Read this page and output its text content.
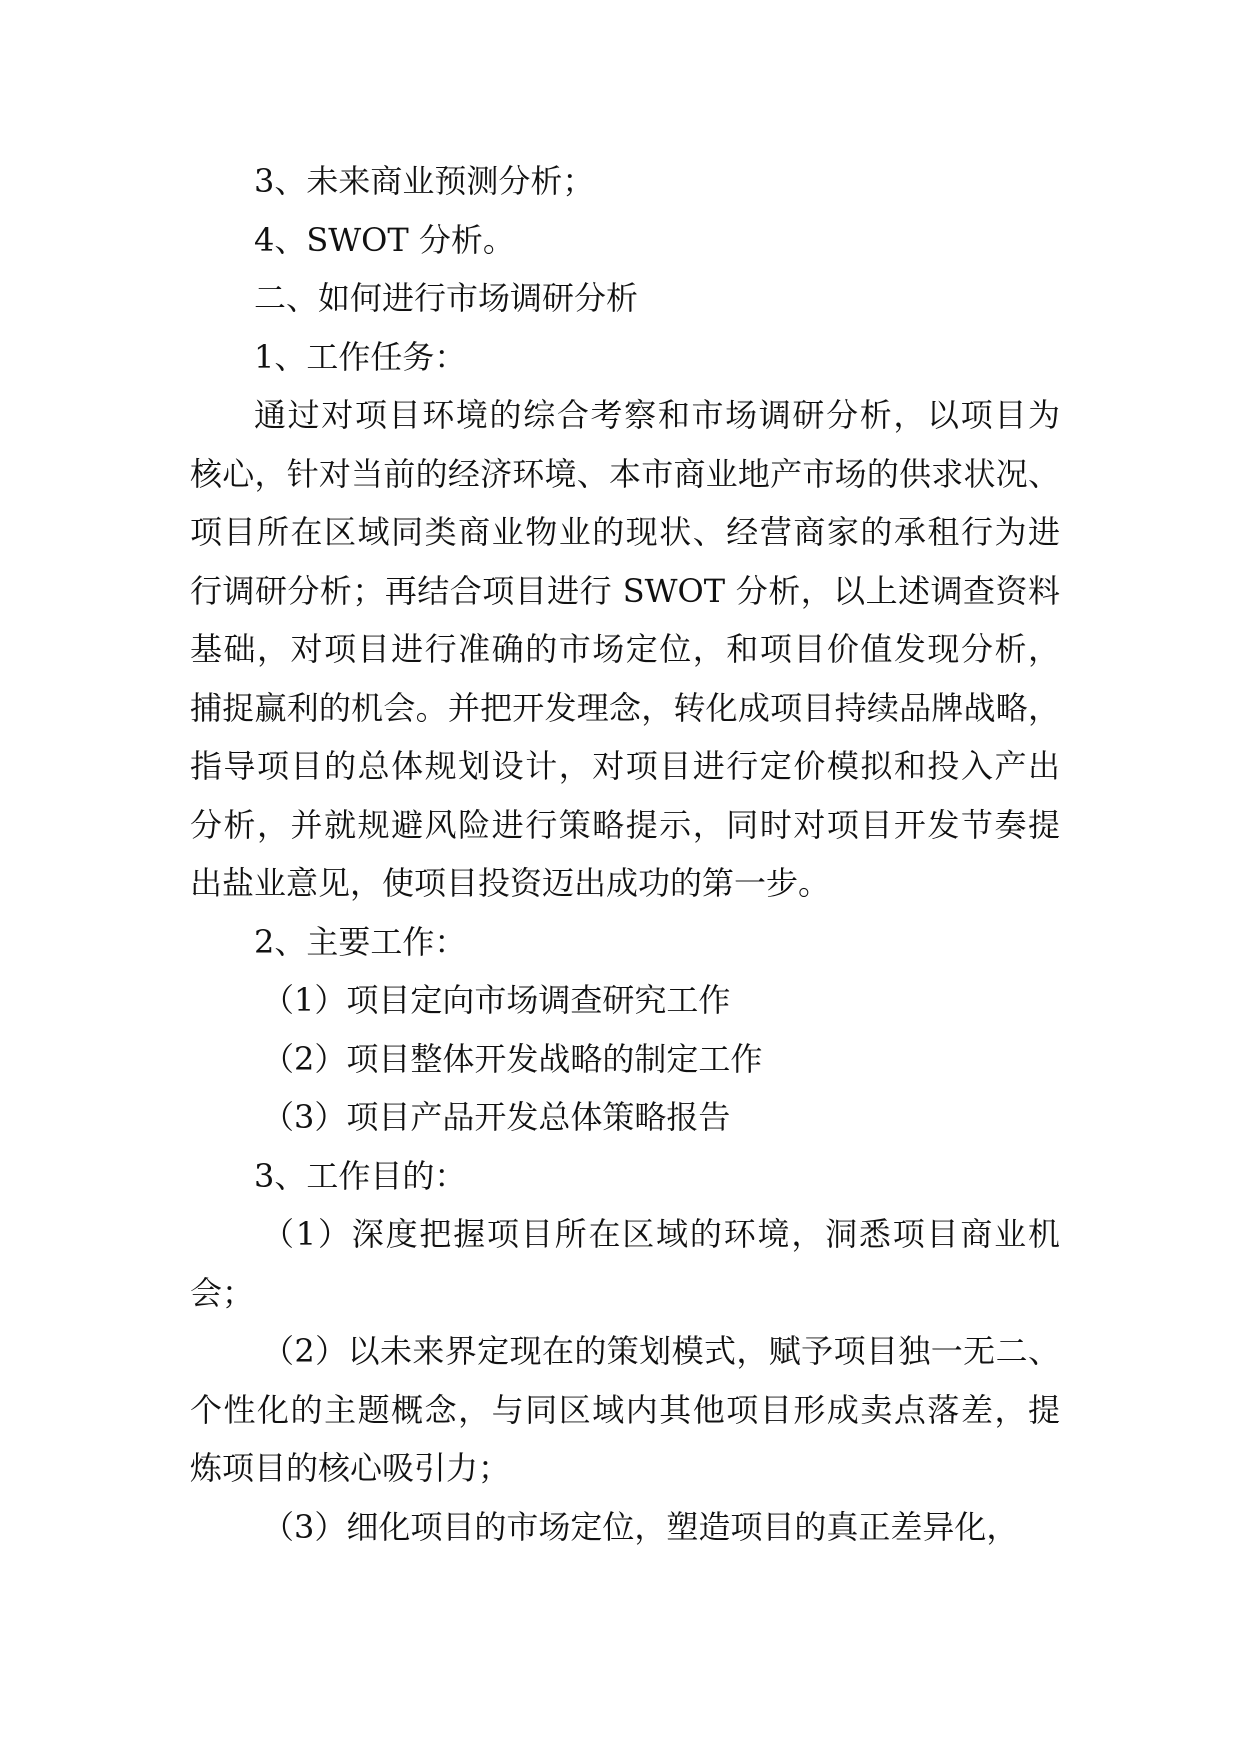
3、未来商业预测分析；
4、SWOT 分析。
二、如何进行市场调研分析
1、工作任务：
通过对项目环境的综合考察和市场调研分析，以项目为
核心，针对当前的经济环境、本市商业地产市场的供求状况、
项目所在区域同类商业物业的现状、经营商家的承租行为进
行调研分析；再结合项目进行 SWOT 分析，以上述调查资料
基础，对项目进行准确的市场定位，和项目价值发现分析，
捕捉赢利的机会。并把开发理念，转化成项目持续品牌战略，
指导项目的总体规划设计，对项目进行定价模拟和投入产出
分析，并就规避风险进行策略提示，同时对项目开发节奏提
出盐业意见，使项目投资迈出成功的第一步。
2、主要工作：
（1）项目定向市场调查研究工作
（2）项目整体开发战略的制定工作
（3）项目产品开发总体策略报告
3、工作目的：
（1）深度把握项目所在区域的环境，洞悉项目商业机
会；
（2）以未来界定现在的策划模式，赋予项目独一无二、
个性化的主题概念，与同区域内其他项目形成卖点落差，提
炼项目的核心吸引力；
（3）细化项目的市场定位，塑造项目的真正差异化，
